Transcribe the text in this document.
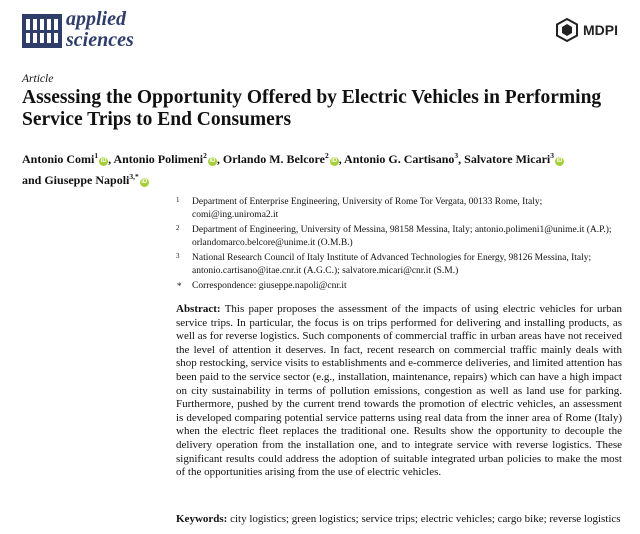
applied
sciences	MDPI
Article
Assessing the Opportunity Offered by Electric Vehicles in Performing Service Trips to End Consumers
Antonio Comi$^1$iD , Antonio Polimeni$^2$iD , Orlando M. Belcore$^2$iD , Antonio G. Cartisano$^3$, Salvatore Micari$^3$iD
and Giuseppe Napoli$^{3,*}$iD
1 Department of Enterprise Engineering, University of Rome Tor Vergata, 00133 Rome, Italy; comi@ing.uniroma2.it
2 Department of Engineering, University of Messina, 98158 Messina, Italy; antonio.polimeni1@unime.it (A.P.); orlandomarco.belcore@unime.it (O.M.B.)
3 National Research Council of Italy Institute of Advanced Technologies for Energy, 98126 Messina, Italy; antonio.cartisano@itae.cnr.it (A.G.C.); salvatore.micari@cnr.it (S.M.)
* Correspondence: giuseppe.napoli@cnr.it
Abstract: This paper proposes the assessment of the impacts of using electric vehicles for urban service trips. In particular, the focus is on trips performed for delivering and installing products, as well as for reverse logistics. Such components of commercial traffic in urban areas have not received the level of attention it deserves. In fact, recent research on commercial traffic mainly deals with shop restocking, service visits to establishments and e-commerce deliveries, and limited attention has been paid to the service sector (e.g., installation, maintenance, repairs) which can have a high impact on city sustainability in terms of pollution emissions, congestion as well as land use for parking. Furthermore, pushed by the current trend towards the promotion of electric vehicles, an assessment is developed comparing potential service patterns using real data from the inner area of Rome (Italy) when the electric fleet replaces the traditional one. Results show the opportunity to decouple the delivery operation from the installation one, and to integrate service with reverse logistics. These significant results could address the adoption of suitable integrated urban policies to make the most of the opportunities arising from the use of electric vehicles.
Keywords: city logistics; green logistics; service trips; electric vehicles; cargo bike; reverse logistics
